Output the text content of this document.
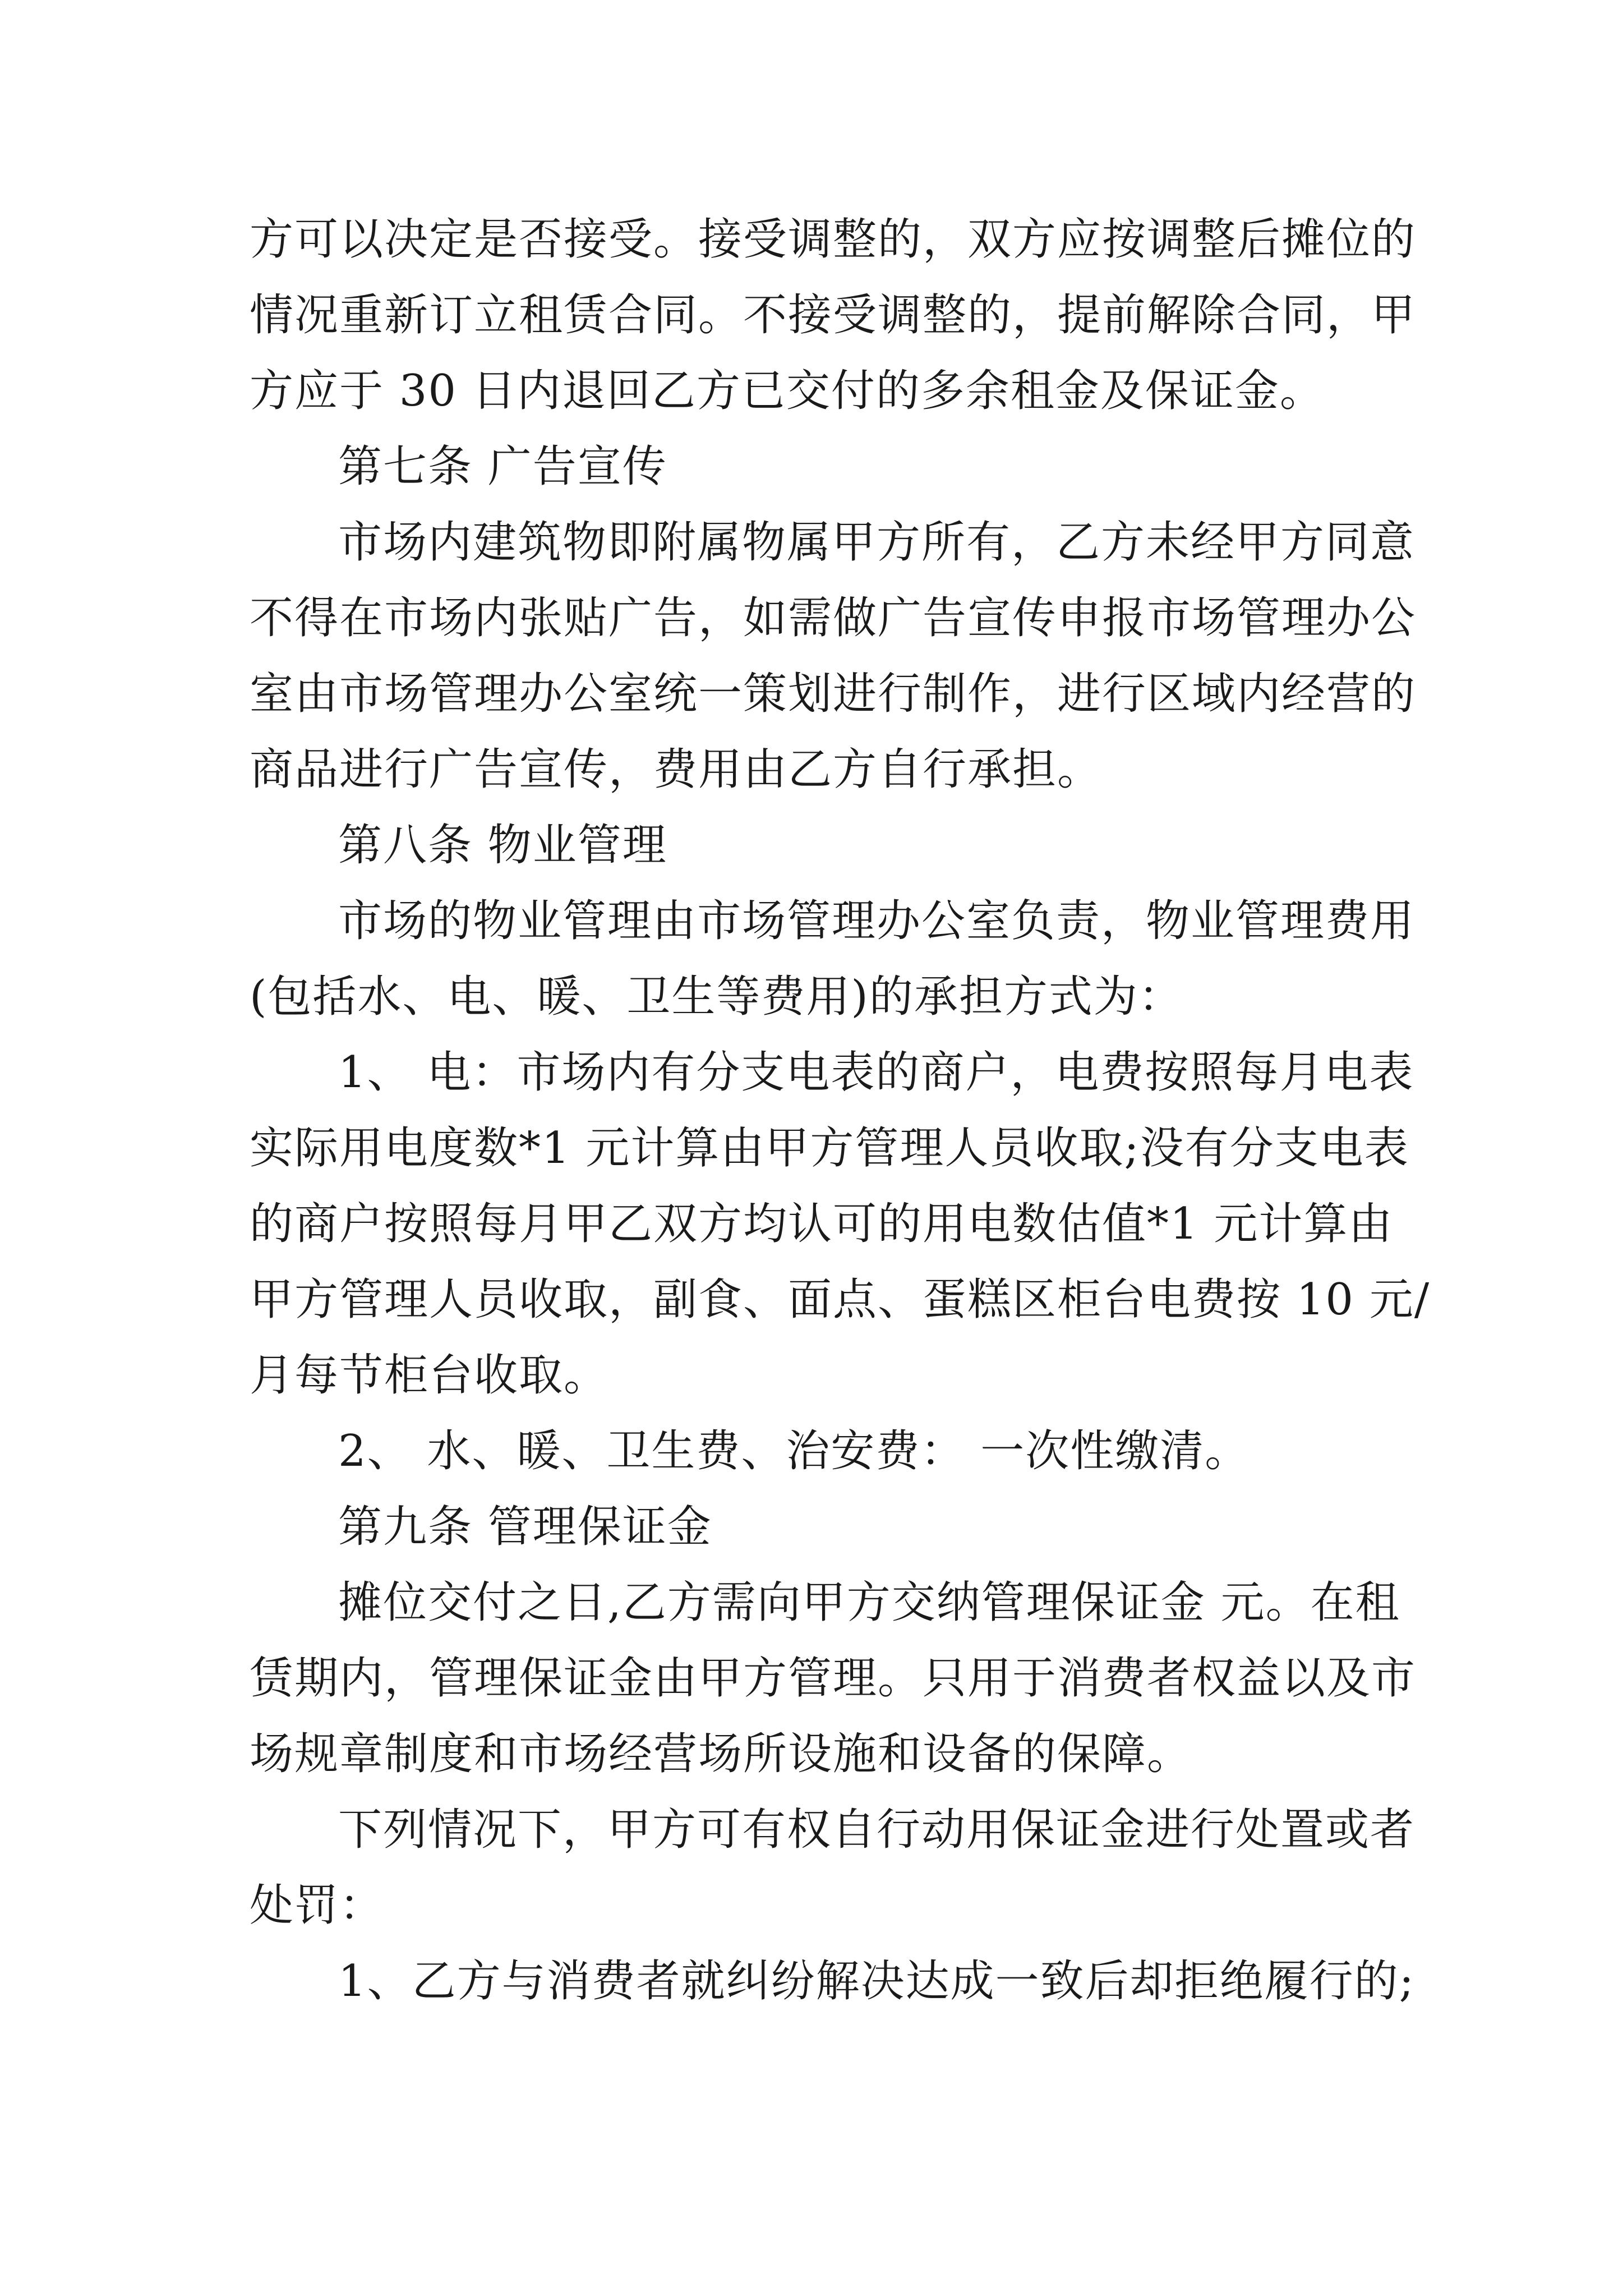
方可以决定是否接受。接受调整的，双方应按调整后摊位的
情况重新订立租赁合同。不接受调整的，提前解除合同，甲
方应于 30 日内退回乙方已交付的多余租金及保证金。
第七条 广告宣传
市场内建筑物即附属物属甲方所有，乙方未经甲方同意
不得在市场内张贴广告，如需做广告宣传申报市场管理办公
室由市场管理办公室统一策划进行制作，进行区域内经营的
商品进行广告宣传，费用由乙方自行承担。
第八条 物业管理
市场的物业管理由市场管理办公室负责，物业管理费用
(包括水、电、暖、卫生等费用)的承担方式为：
1、 电：市场内有分支电表的商户，电费按照每月电表
实际用电度数*1 元计算由甲方管理人员收取;没有分支电表
的商户按照每月甲乙双方均认可的用电数估值*1 元计算由
甲方管理人员收取，副食、面点、蛋糕区柜台电费按 10 元/
月每节柜台收取。
2、 水、暖、卫生费、治安费： 一次性缴清。
第九条 管理保证金
摊位交付之日,乙方需向甲方交纳管理保证金 元。在租
赁期内，管理保证金由甲方管理。只用于消费者权益以及市
场规章制度和市场经营场所设施和设备的保障。
下列情况下，甲方可有权自行动用保证金进行处置或者
处罚：
1、乙方与消费者就纠纷解决达成一致后却拒绝履行的;
